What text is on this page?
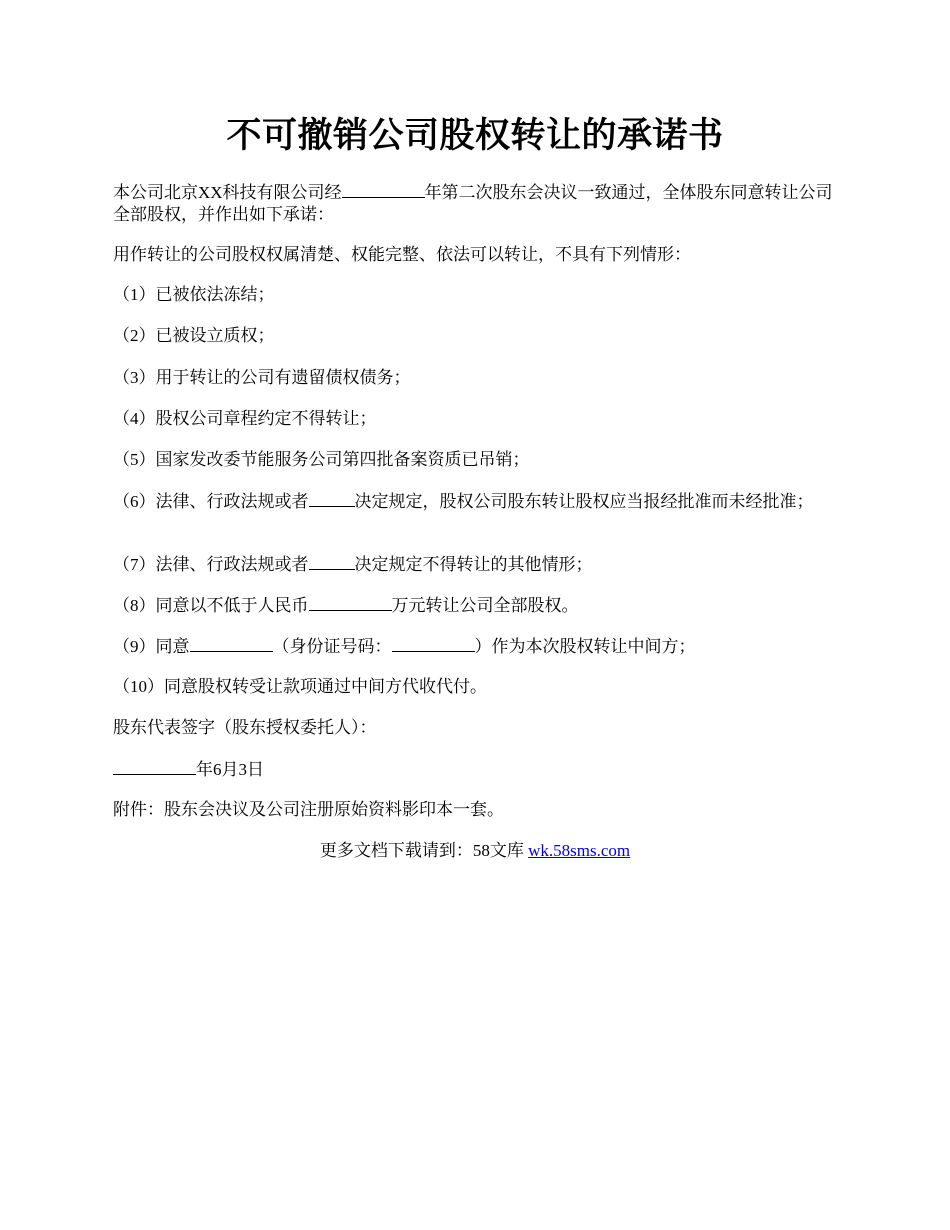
不可撤销公司股权转让的承诺书

本公司北京XX科技有限公司经	年第二次股东会决议一致通过，全体股东同意转让公司全部股权，并作出如下承诺：

用作转让的公司股权权属清楚、权能完整、依法可以转让，不具有下列情形：

（1）已被依法冻结；

（2）已被设立质权；

（3）用于转让的公司有遗留债权债务；

（4）股权公司章程约定不得转让；

（5）国家发改委节能服务公司第四批备案资质已吊销；

（6）法律、行政法规或者	决定规定，股权公司股东转让股权应当报经批准而未经批准；

（7）法律、行政法规或者	决定规定不得转让的其他情形；

（8）同意以不低于人民币	万元转让公司全部股权。

（9）同意	（身份证号码：	）作为本次股权转让中间方；

（10）同意股权转受让款项通过中间方代收代付。

股东代表签字（股东授权委托人）：

年6月3日

附件：股东会决议及公司注册原始资料影印本一套。

更多文档下载请到：58文库 wk.58sms.com
